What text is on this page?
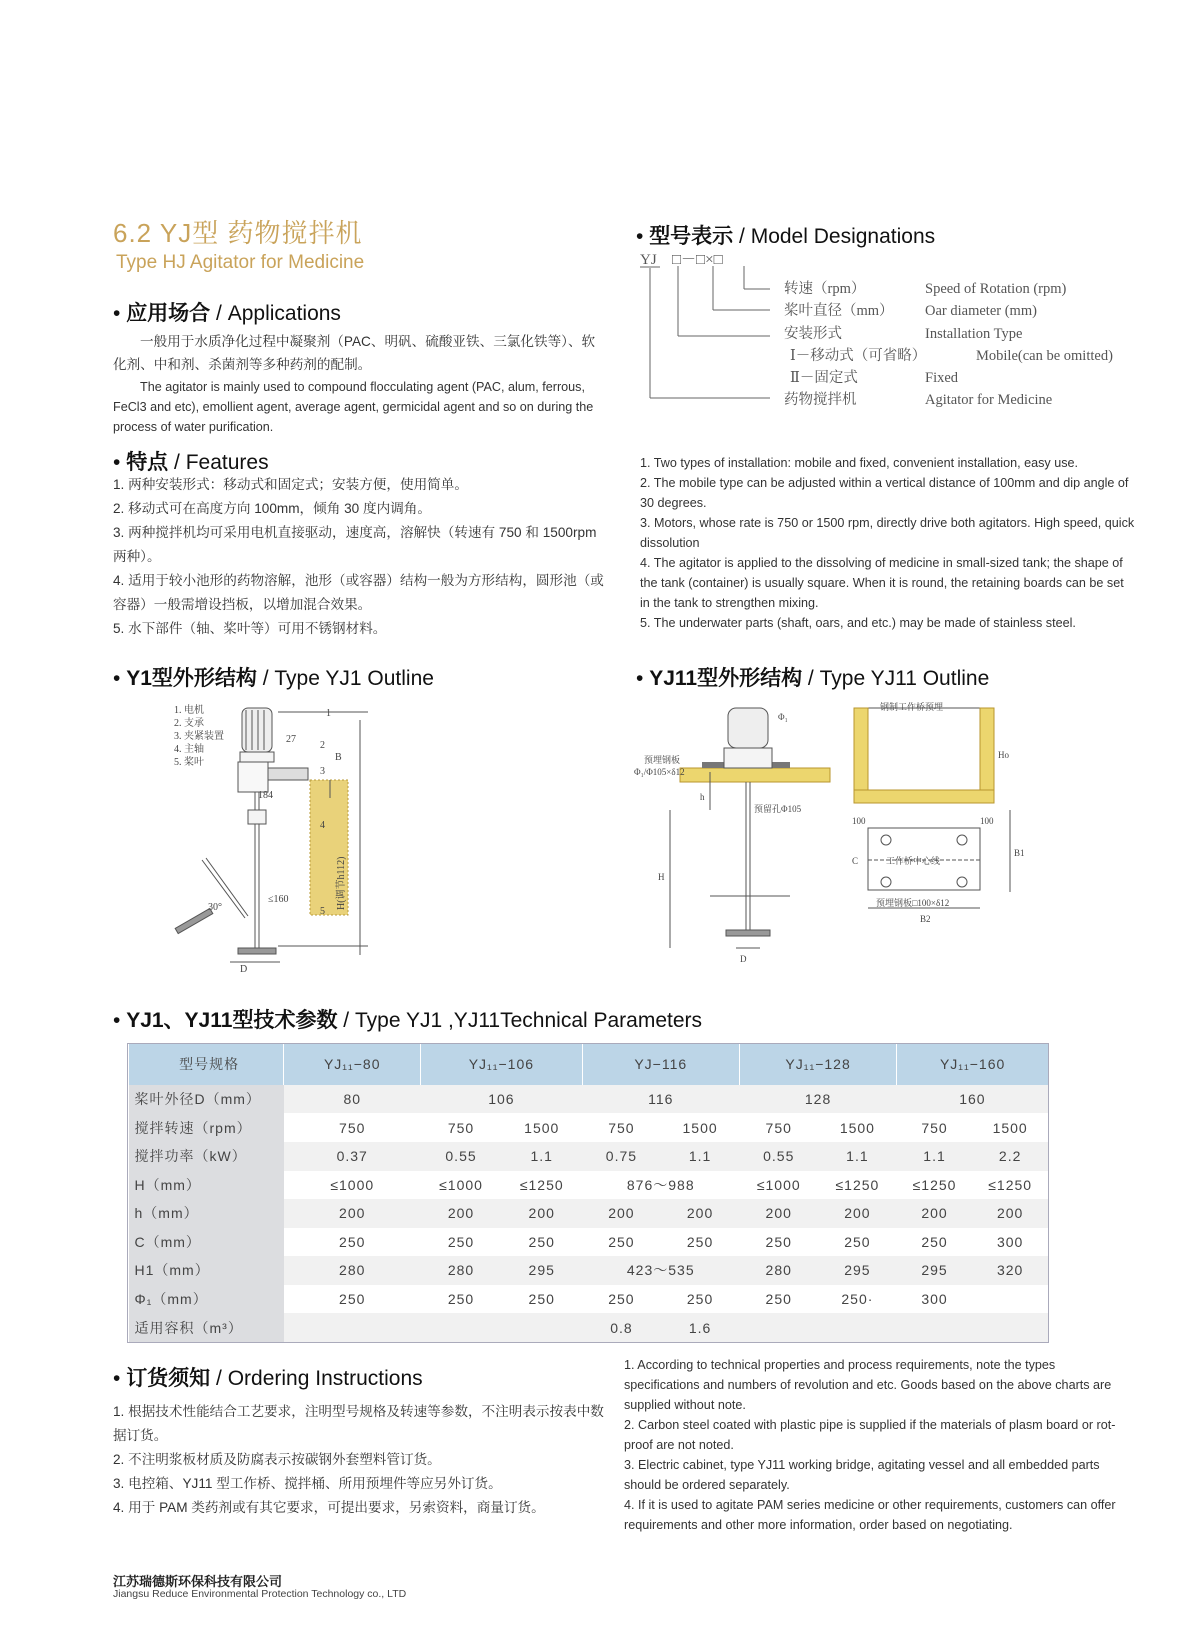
6.2 YJ型 药物搅拌机
Type HJ Agitator for Medicine
• 应用场合 / Applications
一般用于水质净化过程中凝聚剂（PAC、明矾、硫酸亚铁、三氯化铁等）、软化剂、中和剂、杀菌剂等多种药剂的配制。
The agitator is mainly used to compound flocculating agent (PAC, alum, ferrous, FeCl3 and etc), emollient agent, average agent, germicidal agent and so on during the process of water purification.
• 特点 / Features
1. 两种安装形式：移动式和固定式；安装方便，使用简单。
2. 移动式可在高度方向 100mm，倾角 30 度内调角。
3. 两种搅拌机均可采用电机直接驱动，速度高，溶解快（转速有 750 和 1500rpm 两种）。
4. 适用于较小池形的药物溶解，池形（或容器）结构一般为方形结构，圆形池（或容器）一般需增设挡板，以增加混合效果。
5. 水下部件（轴、桨叶等）可用不锈钢材料。
• 型号表示 / Model Designations
YJ □－□×□
转速（rpm）
桨叶直径（mm）
安装形式
Ⅰ－移动式（可省略）
Ⅱ－固定式
药物搅拌机
Speed of Rotation (rpm)
Oar diameter (mm)
Installation Type
Mobile(can be omitted)
Fixed
Agitator for Medicine
1. Two types of installation: mobile and fixed, convenient installation, easy use.
2. The mobile type can be adjusted within a vertical distance of 100mm and dip angle of 30 degrees.
3. Motors, whose rate is 750 or 1500 rpm, directly drive both agitators. High speed, quick dissolution
4. The agitator is applied to the dissolving of medicine in small-sized tank; the shape of the tank (container) is usually square. When it is round, the retaining boards can be set in the tank to strengthen mixing.
5. The underwater parts (shaft, oars, and etc.) may be made of stainless steel.
• Y1型外形结构 / Type YJ1 Outline	• YJ11型外形结构 / Type YJ11 Outline
1. 电机
2. 支承
3. 夹紧装置
4. 主轴
5. 桨叶
1
2
3
4
5
27
184
≤160
30°
D
B
H(调节h112)
预埋钢板
Φ₁/Φ105×δ12
预留孔Φ105
Φ₁
H
h
D
钢制工作桥预埋
Ho
工作桥中心线
预埋钢板□100×δ12
100	100
C
B1
B2
• YJ1、YJ11型技术参数 / Type YJ1 ,YJ11Technical Parameters
型号规格	YJ₁₁−80	YJ₁₁−106		YJ−116		YJ₁₁−128		YJ₁₁−160	
桨叶外径D（mm）	80	106		116		128		160	
搅拌转速（rpm）	750	750	1500	750	1500	750	1500	750	1500
搅拌功率（kW）	0.37	0.55	1.1	0.75	1.1	0.55	1.1	1.1	2.2
H（mm）	≤1000	≤1000	≤1250	876～988		≤1000	≤1250	≤1250	≤1250
h（mm）	200	200	200	200	200	200	200	200	200
C（mm）	250	250	250	250	250	250	250	250	300
H1（mm）	280	280	295	423～535		280	295	295	320
Φ₁（mm）	250	250	250	250	250	250	250·	300	
适用容积（m³）				0.8	1.6				
• 订货须知 / Ordering Instructions
1. 根据技术性能结合工艺要求，注明型号规格及转速等参数，不注明表示按表中数据订货。
2. 不注明浆板材质及防腐表示按碳钢外套塑料管订货。
3. 电控箱、YJ11 型工作桥、搅拌桶、所用预埋件等应另外订货。
4. 用于 PAM 类药剂或有其它要求，可提出要求，另索资料，商量订货。
1. According to technical properties and process requirements, note the types specifications and numbers of revolution and etc. Goods based on the above charts are supplied without note.
2. Carbon steel coated with plastic pipe is supplied if the materials of plasm board or rot-proof are not noted.
3. Electric cabinet, type YJ11 working bridge, agitating vessel and all embedded parts should be ordered separately.
4. If it is used to agitate PAM series medicine or other requirements, customers can offer requirements and other more information, order based on negotiating.
江苏瑞德斯环保科技有限公司
Jiangsu Reduce Environmental Protection Technology co., LTD
